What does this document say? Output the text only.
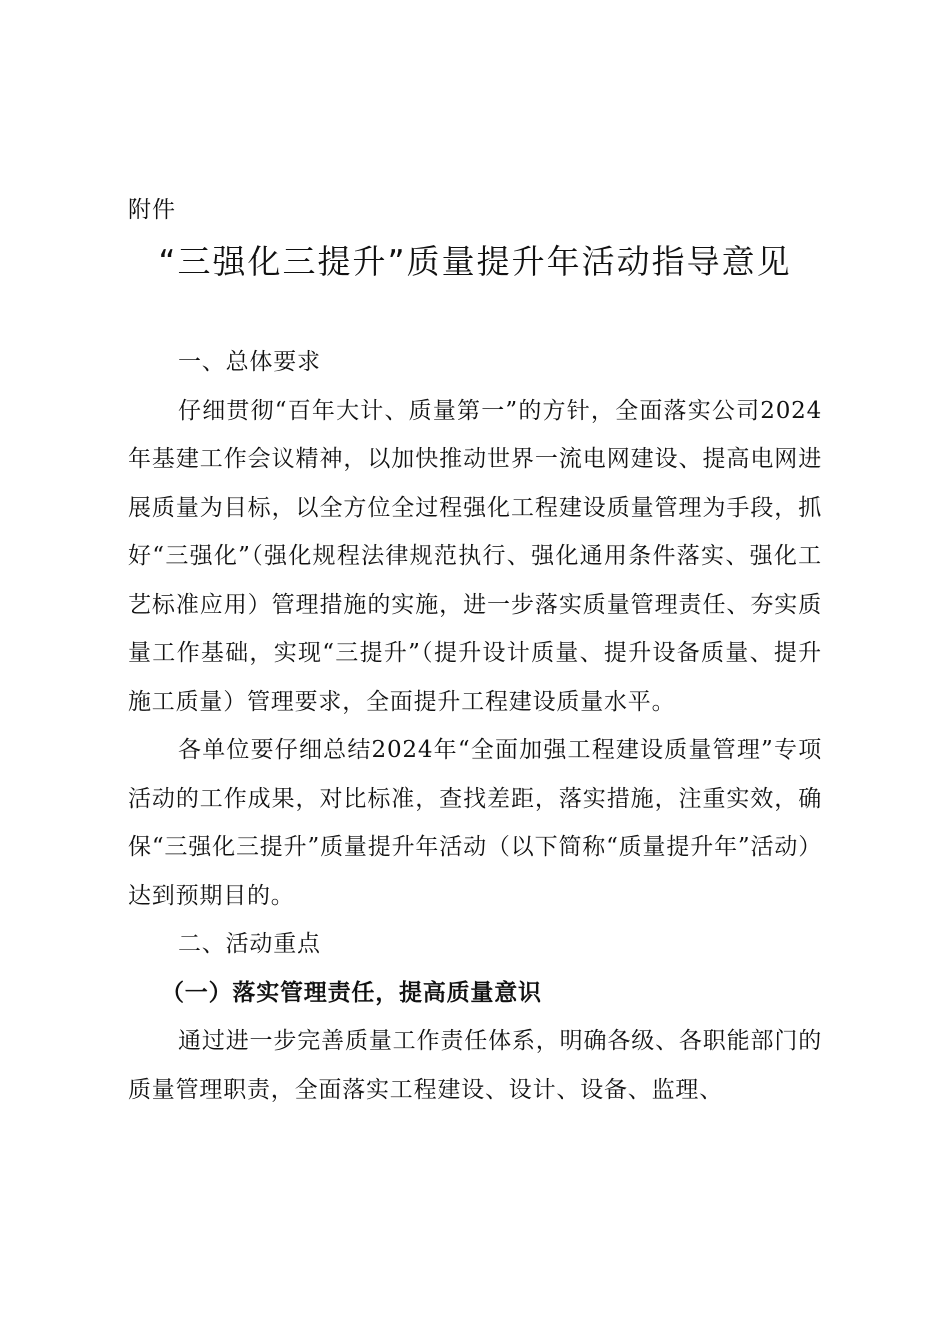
附件
“三强化三提升”质量提升年活动指导意见

一、总体要求

仔细贯彻“百年大计、质量第一”的方针，全面落实公司2024年基建工作会议精神，以加快推动世界一流电网建设、提高电网进展质量为目标，以全方位全过程强化工程建设质量管理为手段，抓好“三强化”（强化规程法律规范执行、强化通用条件落实、强化工艺标准应用）管理措施的实施，进一步落实质量管理责任、夯实质量工作基础，实现“三提升”（提升设计质量、提升设备质量、提升施工质量）管理要求，全面提升工程建设质量水平。

各单位要仔细总结2024年“全面加强工程建设质量管理”专项活动的工作成果，对比标准，查找差距，落实措施，注重实效，确保“三强化三提升”质量提升年活动（以下简称“质量提升年”活动）达到预期目的。

二、活动重点

（一）落实管理责任，提高质量意识

通过进一步完善质量工作责任体系，明确各级、各职能部门的质量管理职责，全面落实工程建设、设计、设备、监理、
